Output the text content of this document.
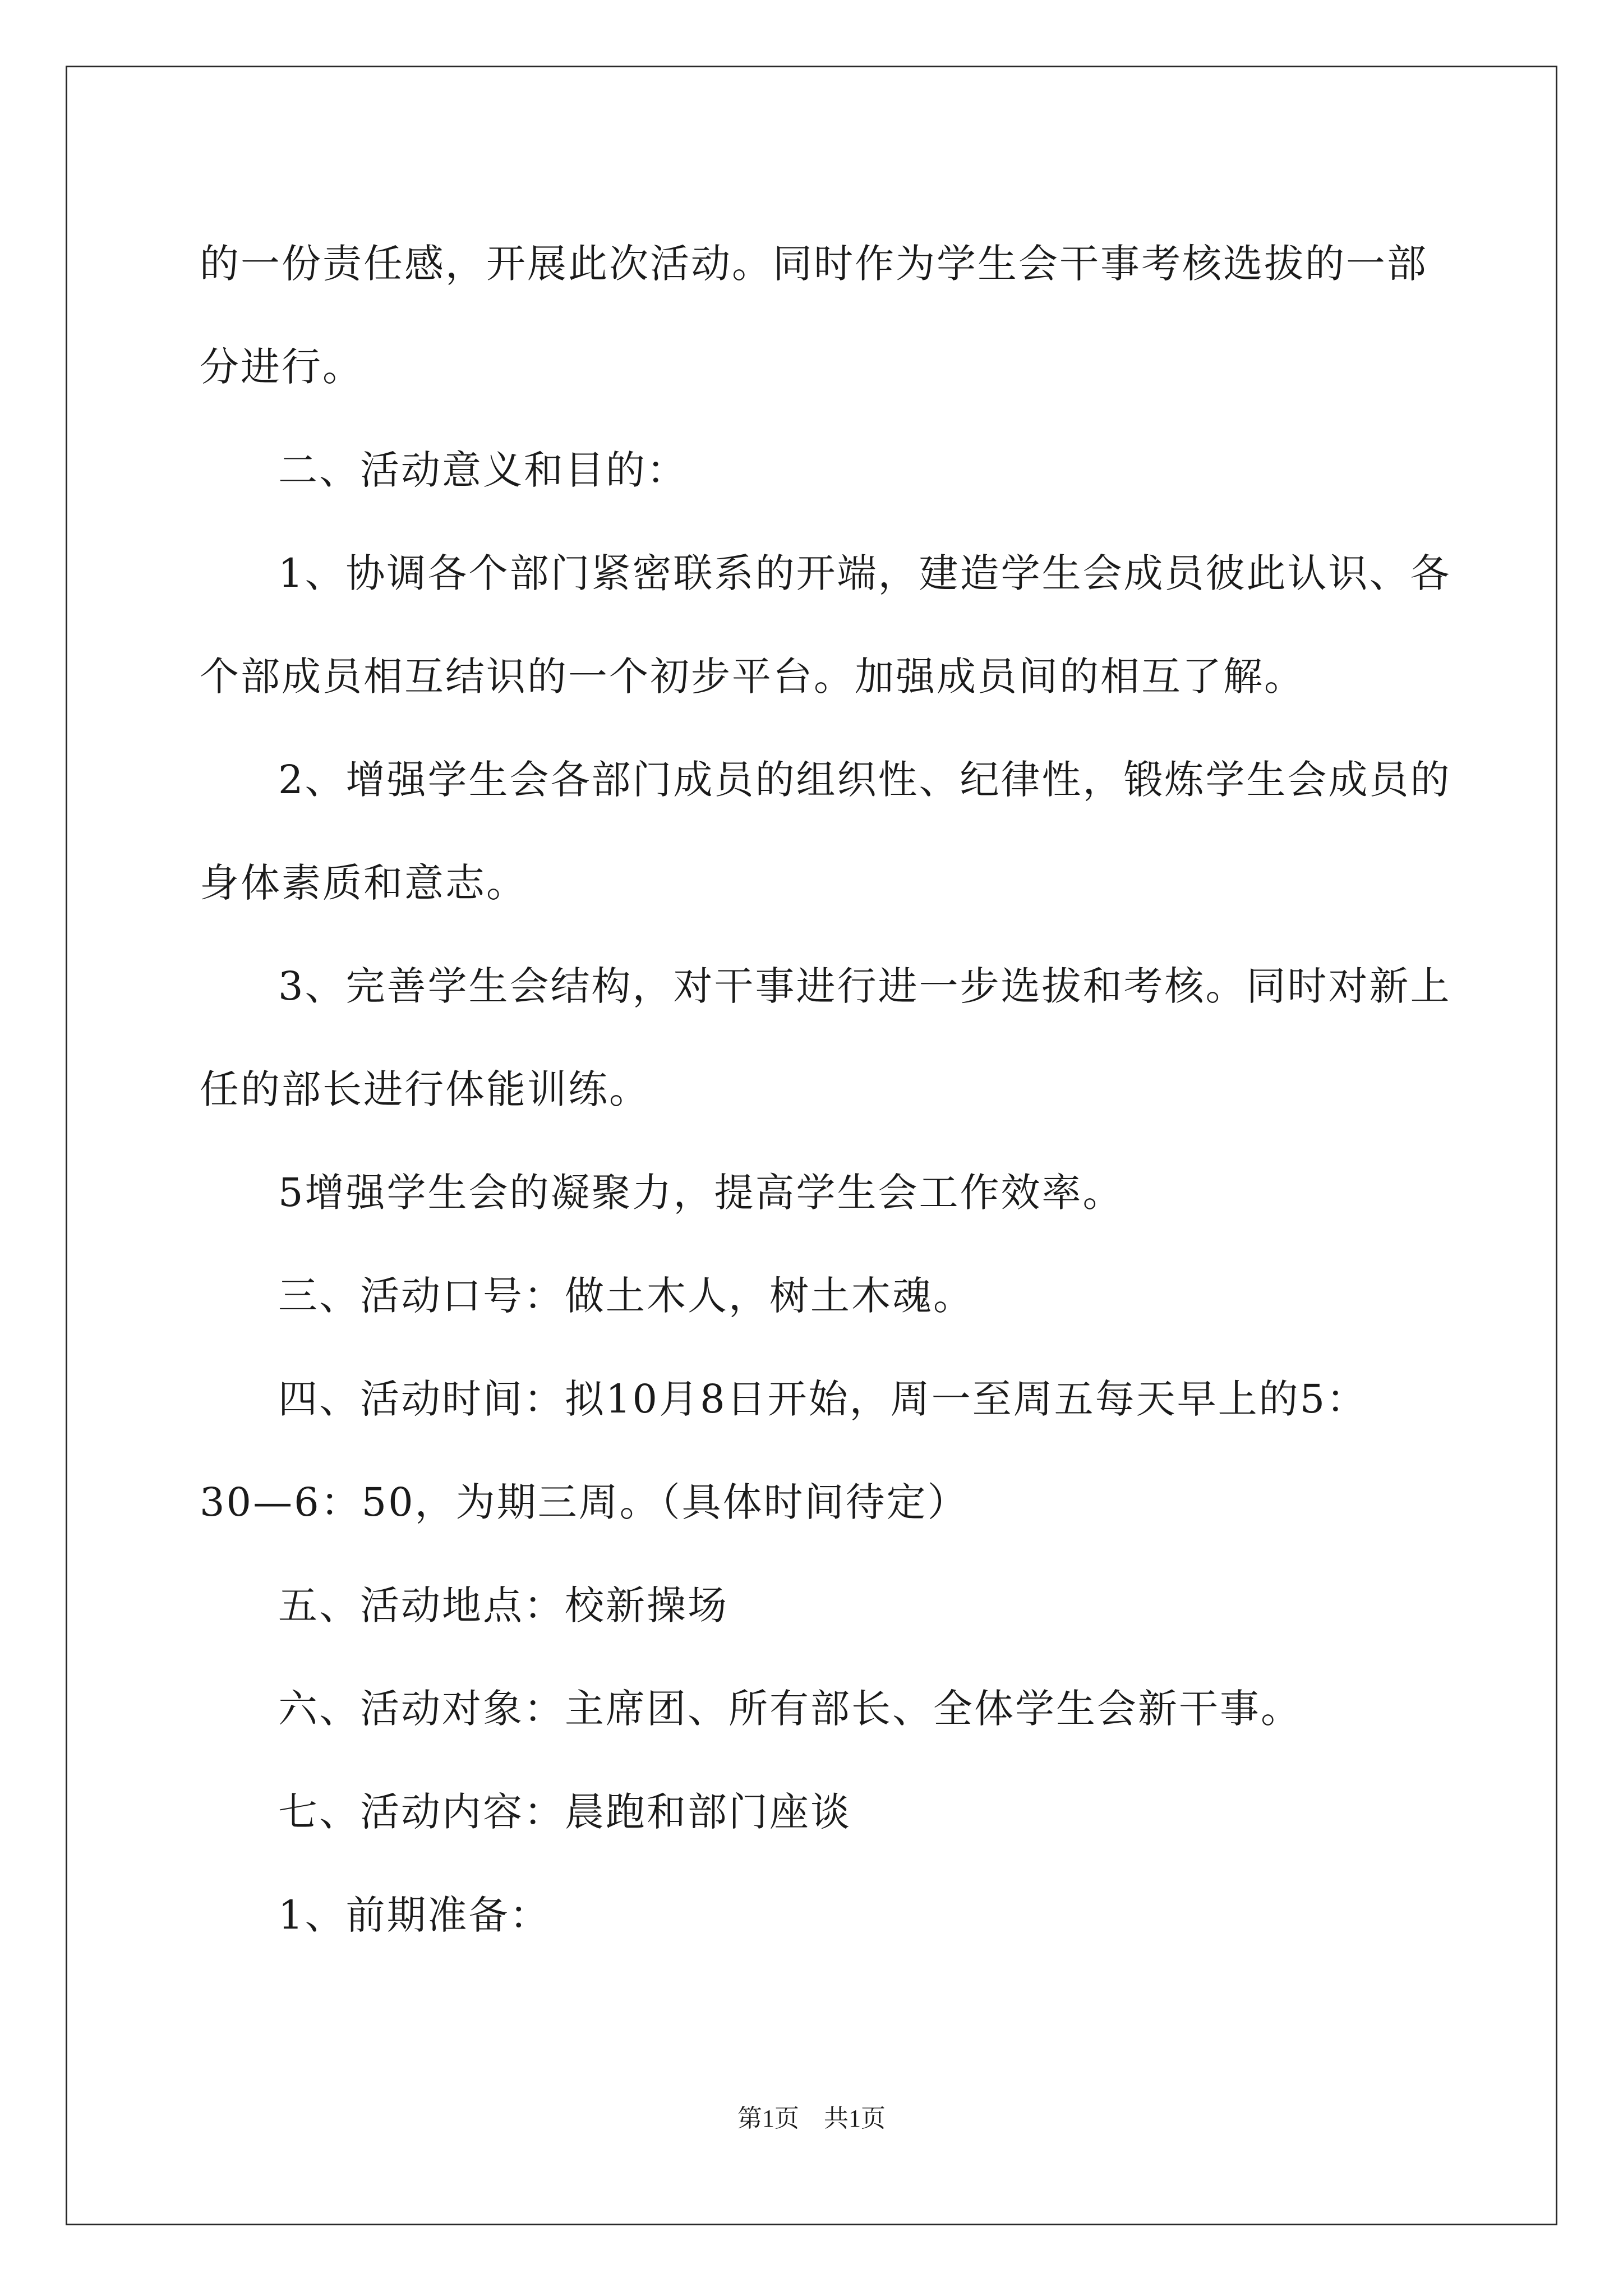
的一份责任感，开展此次活动。同时作为学生会干事考核选拔的一部
分进行。
二、活动意义和目的：
1、协调各个部门紧密联系的开端，建造学生会成员彼此认识、各
个部成员相互结识的一个初步平台。加强成员间的相互了解。
2、增强学生会各部门成员的组织性、纪律性，锻炼学生会成员的
身体素质和意志。
3、完善学生会结构，对干事进行进一步选拔和考核。同时对新上
任的部长进行体能训练。
5增强学生会的凝聚力，提高学生会工作效率。
三、活动口号：做土木人，树土木魂。
四、活动时间：拟10月8日开始，周一至周五每天早上的5：
30—6：50，为期三周。（具体时间待定）
五、活动地点：校新操场
六、活动对象：主席团、所有部长、全体学生会新干事。
七、活动内容：晨跑和部门座谈
1、前期准备：
第1页 共1页
